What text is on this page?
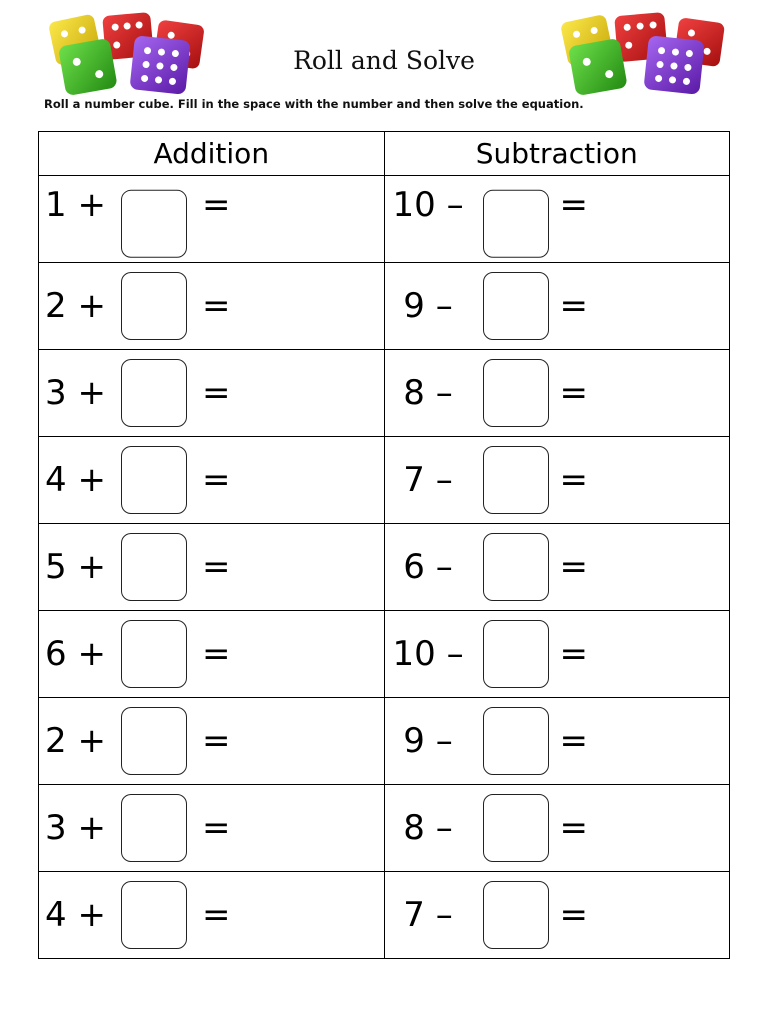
Roll and Solve
Roll a number cube. Fill in the space with the number and then solve the equation.
Addition	Subtraction

1 + =	10 – =

2 + =	9 – =

3 + =	8 – =

4 + =	7 – =

5 + =	6 – =

6 + =	10 – =

2 + =	9 – =

3 + =	8 – =

4 + =	7 – =
